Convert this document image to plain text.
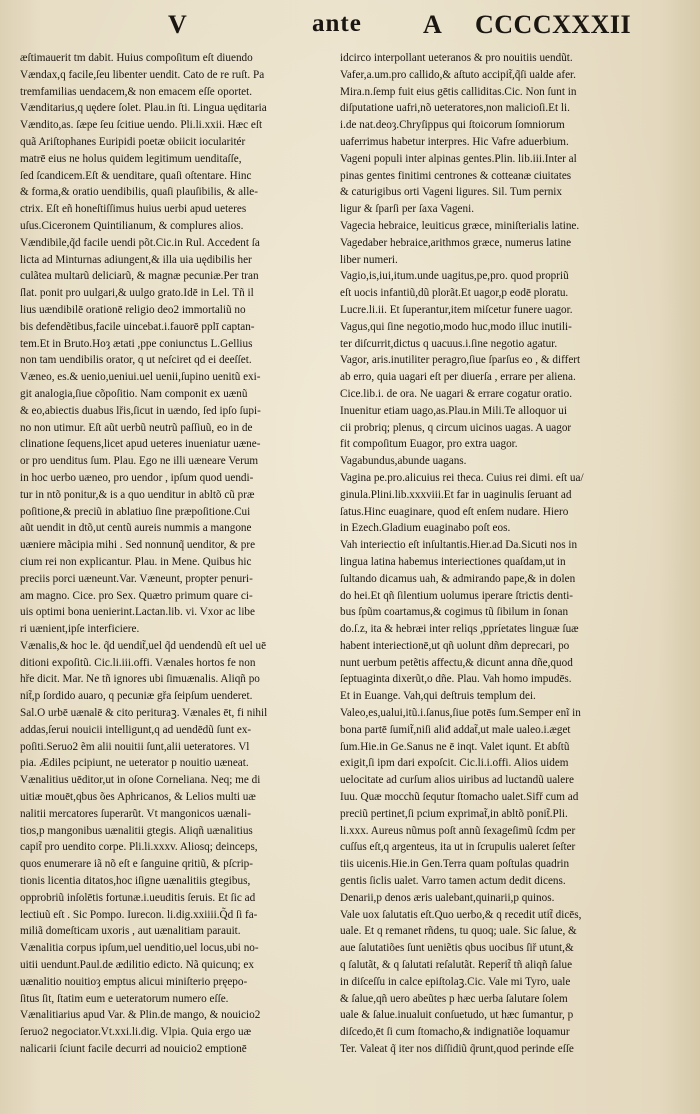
V	ante A CCCCXXXII
æſtimauerit tm dabit. Huius compoſitum eſt diuendo
Vændax,q facile,ſeu libenter uendit. Cato de re ruſt. Pa
tremfamilias uendacem,& non emacem eſſe oportet.
Vænditarius,q uędere ſolet. Plau.in ſti. Lingua uęditaria
Vændito,as. ſæpe ſeu ſcitiue uendo. Pli.li.xxii. Hæc eſt
quã Ariſtophanes Euripidi poetæ obiicit iocularitér
matrē eius ne holus quidem legitimum uenditaſſe,
ſed ſcandicem.Eſt & uenditare, quaſi oſtentare. Hinc
& forma,& oratio uendibilis, quaſi plauſibilis, & alle-
ctrix. Eſt eñ honeſtiſſimus huius uerbi apud ueteres
uſus.Ciceronem Quintilianum, & complures alios.
Vændibile,q̃d facile uendi põt.Cic.in Rul. Accedent ſa
licta ad Minturnas adiungent,& illa uia uędibilis her
culãtea multarũ deliciarũ, & magnæ pecuniæ.Per tran
ſlat. ponit pro uulgari,& uulgo grato.Idē in Lel. Tñ il
lius uændibilē orationē religio deo2 immortaliũ no
bis defendẽtibus,facile uincebat.i.fauorē pplī captan-
tem.Et in Bruto.Hoȝ ætati ,ppe coniunctus L.Gellius
non tam uendibilis orator, q ut neſciret qd ei deeſſet.
Væneo, es.& uenio,ueniui.uel uenii,ſupino uenitũ exi-
git analogia,ſiue cõpoſitio. Nam componit ex uænũ
& eo,abiectis duabus lřis,ſicut in uændo, ſed ipſo ſupi-
no non utimur. Eſt aũt uerbũ neutrũ paſſiuũ, eo in de
clinatione ſequens,licet apud ueteres inueniatur uæne-
or pro uenditus ſum. Plau. Ego ne illi uæneare Verum
in hoc uerbo uæneo, pro uendor , ipſum quod uendi-
tur in ntõ ponitur,& is a quo uenditur in abltõ cũ præ
poſitione,& preciũ in ablatiuo ſine præpoſitione.Cui
aũt uendit in dtõ,ut centũ aureis nummis a mangone
uæniere mãcipia mihi . Sed nonnunq̃ uenditor, & pre
cium rei non explicantur. Plau. in Mene. Quibus hic
preciis porci uæneunt.Var. Væneunt, propter penuri-
am magno. Cice. pro Sex. Quætro primum quare ci-
uis optimi bona uenierint.Lactan.lib. vi. Vxor ac libe
ri uænient,ipſe interficiere.
Vænalis,& hoc le. q̃d uendit̃,uel q̃d uendendũ eſt uel uē
ditioni expoſitũ. Cic.li.iii.offi. Vænales hortos fe non
hře dicit. Mar. Ne tñ ignores ubi ſimuænalis. Aliqñ po
nit̃,p ſordido auaro, q pecuniæ gřa ſeipſum uenderet.
Sal.O urbē uænalē & cito perituraꝫ. Vænales ēt, fi nihil
addas,ſerui nouicii intelligunt,q ad uendēdũ ſunt ex-
poſiti.Seruo2 ẽm alii nouitii ſunt,alii ueteratores. Vl
pia. Ædiles pcipiunt, ne ueterator p nouitio uæneat.
Vænalitius uēditor,ut in oſone Corneliana. Neq; me di
uitiæ mouēt,qbus ões Aphricanos, & Lelios multi uæ
nalitii mercatores ſuperarũt. Vt mangonicos uænali-
tios,p mangonibus uænalitii gtegis. Aliqñ uænalitius
capit̃ pro uendito corpe. Pli.li.xxxv. Aliosq; deinceps,
quos enumerare iã nõ eſt e ſanguine qritiũ, & pſcrip-
tionis licentia ditatos,hoc iſigne uænalitiis gtegibus,
opprobriũ inſolētis fortunæ.i.ueuditis ſeruis. Et ſic ad
lectiuũ eſt . Sic Pompo. Iurecon. li.dig.xxiiii.Q̃d ſi fa-
miliã domeſticam uxoris , aut uænalitiam parauit.
Vænalitia corpus ipſum,uel uenditio,uel locus,ubi no-
uitii uendunt.Paul.de ædilitio edicto. Nã quicunq; ex
uænalitio nouitioȝ emptus alicui miniſterio pręepo-
ſitus ſit, ſtatim eum e ueteratorum numero eſſe.
Vænalitiarius apud Var. & Plin.de mango, & nouicio2
ſeruo2 negociator.Vt.xxi.li.dig. Vlpia. Quia ergo uæ
nalicarii ſciunt facile decurri ad nouicio2 emptionē
idcirco interpollant ueteranos & pro nouitiis uendũt.
Vafer,a.um.pro callido,& aſtuto accipit̃,q̃ſi ualde afer.
Mira.n.ſemp fuit eius gētis calliditas.Cic. Non ſunt in
diſputatione uafri,nõ ueteratores,non malicioſi.Et li.
i.de nat.deoȝ.Chryſippus qui ſtoicorum ſomniorum
uaferrimus habetur interpres. Hic Vafre aduerbium.
Vageni populi inter alpinas gentes.Plin. lib.iii.Inter al
pinas gentes finitimi centrones & cotteanæ ciuitates
& caturigibus orti Vageni ligures. Sil. Tum pernix
ligur & ſparſi per ſaxa Vageni.
Vagecia hebraice, leuiticus græce, miniſterialis latine.
Vagedaber hebraice,arithmos græce, numerus latine
liber numeri.
Vagio,is,iui,itum.unde uagitus,pe,pro. quod propriũ
eſt uocis infantiũ,dũ plorãt.Et uagor,p eodē ploratu.
Lucre.li.ii. Et ſuperantur,item miſcetur funere uagor.
Vagus,qui ſine negotio,modo huc,modo illuc inutili-
ter diſcurrit,dictus q uacuus.i.ſine negotio agatur.
Vagor, aris.inutiliter peragro,ſiue ſparſus eo , & differt
ab erro, quia uagari eſt per diuerſa , errare per aliena.
Cice.lib.i. de ora. Ne uagari & errare cogatur oratio.
Inuenitur etiam uago,as.Plau.in Mili.Te alloquor ui
cii probriq; plenus, q circum uicinos uagas. A uagor
fit compoſitum Euagor, pro extra uagor.
Vagabundus,abunde uagans.
Vagina pe.pro.alicuius rei theca. Cuius rei dimi. eſt ua/
ginula.Plini.lib.xxxviii.Et far in uaginulis ſeruant ad
ſatus.Hinc euaginare, quod eſt enſem nudare. Hiero
in Ezech.Gladium euaginabo poſt eos.
Vah interiectio eſt inſultantis.Hier.ad Da.Sicuti nos in
lingua latina habemus interiectiones quaſdam,ut in
ſultando dicamus uah, & admirando pape,& in dolen
do hei.Et qñ ſilentium uolumus iperare ſtrictis denti-
bus ſpũm coartamus,& cogimus tũ ſibilum in ſonan
do.ſ.z, ita & hebræi inter reliqs ,ppríetates linguæ ſuæ
habent interiectionē,ut qñ uolunt dñm deprecari, po
nunt uerbum petẽtis affectu,& dicunt anna dñe,quod
ſeptuaginta dixerũt,o dñe. Plau. Vah homo impudēs.
Et in Euange. Vah,qui deſtruis templum dei.
Valeo,es,ualui,itũ.i.ſanus,ſiue potēs ſum.Semper enĩ in
bona partē ſumit̃,niſi aliđ addat̃,ut male ualeo.i.æget
ſum.Hie.in Ge.Sanus ne ē inqt. Valet iqunt. Et abſtũ
exigit,ſi ipm dari expoſcit. Cic.li.i.offi. Alios uidem
uelocitate ad curſum alios uiribus ad luctandũ ualere
Iuu. Quæ mocchũ ſequtur ſtomacho ualet.Sifř cum ad
preciũ pertinet,ſi pcium exprimat̃,in abltõ ponit̃.Pli.
li.xxx. Aureus nũmus poſt annũ ſexageſimũ ſcdm per
cuſſus eſt,q argenteus, ita ut in ſcrupulis ualeret ſeſter
tiis uicenis.Hie.in Gen.Terra quam poſtulas quadrin
gentis ſiclis ualet. Varro tamen actum dedit dicens.
Denarii,p denos æris ualebant,quinarii,p quinos.
Vale uox ſalutatis eſt.Quo uerbo,& q recedit utit̃ dicēs,
uale. Et q remanet rñdens, tu quoq; uale. Sic ſalue, &
aue ſalutatiões ſunt ueniẽtis qbus uocibus ſiř utunt,&
q ſalutãt, & q ſalutati reſalutãt. Reperit̃ tñ aliqñ ſalue
in diſceſſu in calce epiſtolaꝫ.Cic. Vale mi Tyro, uale
& ſalue,qñ uero abeũtes p hæc uerba ſalutare ſolem
uale & ſalue.inualuit conſuetudo, ut hæc ſumantur, p
diſcedo,ēt ſi cum ſtomacho,& indignatiõe loquamur
Ter. Valeat q̃ iter nos diſſidiũ q̃runt,quod perinde eſſe
